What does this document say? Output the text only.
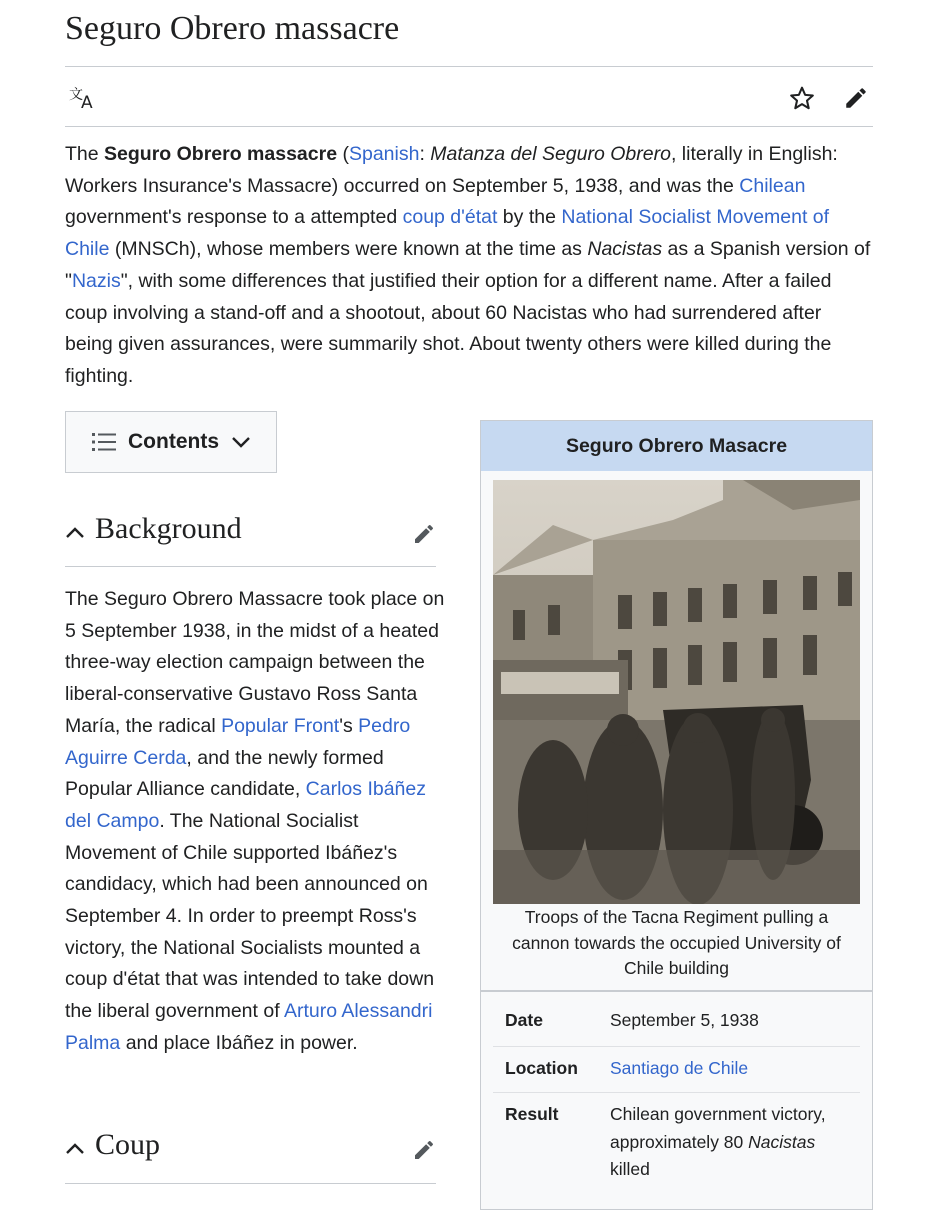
Seguro Obrero massacre
文
A

The Seguro Obrero massacre (Spanish: Matanza del Seguro Obrero, literally in English: Workers Insurance's Massacre) occurred on September 5, 1938, and was the Chilean government's response to a attempted coup d'état by the National Socialist Movement of Chile (MNSCh), whose members were known at the time as Nacistas as a Spanish version of "Nazis", with some differences that justified their option for a different name. After a failed coup involving a stand-off and a shootout, about 60 Nacistas who had surrendered after being given assurances, were summarily shot. About twenty others were killed during the fighting.

Contents
Background

The Seguro Obrero Massacre took place on 5 September 1938, in the midst of a heated three-way election campaign between the liberal-conservative Gustavo Ross Santa María, the radical Popular Front's Pedro Aguirre Cerda, and the newly formed Popular Alliance candidate, Carlos Ibáñez del Campo. The National Socialist Movement of Chile supported Ibáñez's candidacy, which had been announced on September 4. In order to preempt Ross's victory, the National Socialists mounted a coup d'état that was intended to take down the liberal government of Arturo Alessandri Palma and place Ibáñez in power.

Coup
Seguro Obrero Masacre
Troops of the Tacna Regiment pulling a cannon towards the occupied University of Chile building
Date	September 5, 1938
Location Santiago de Chile
Result	Chilean government victory, approximately 80 Nacistas killed
